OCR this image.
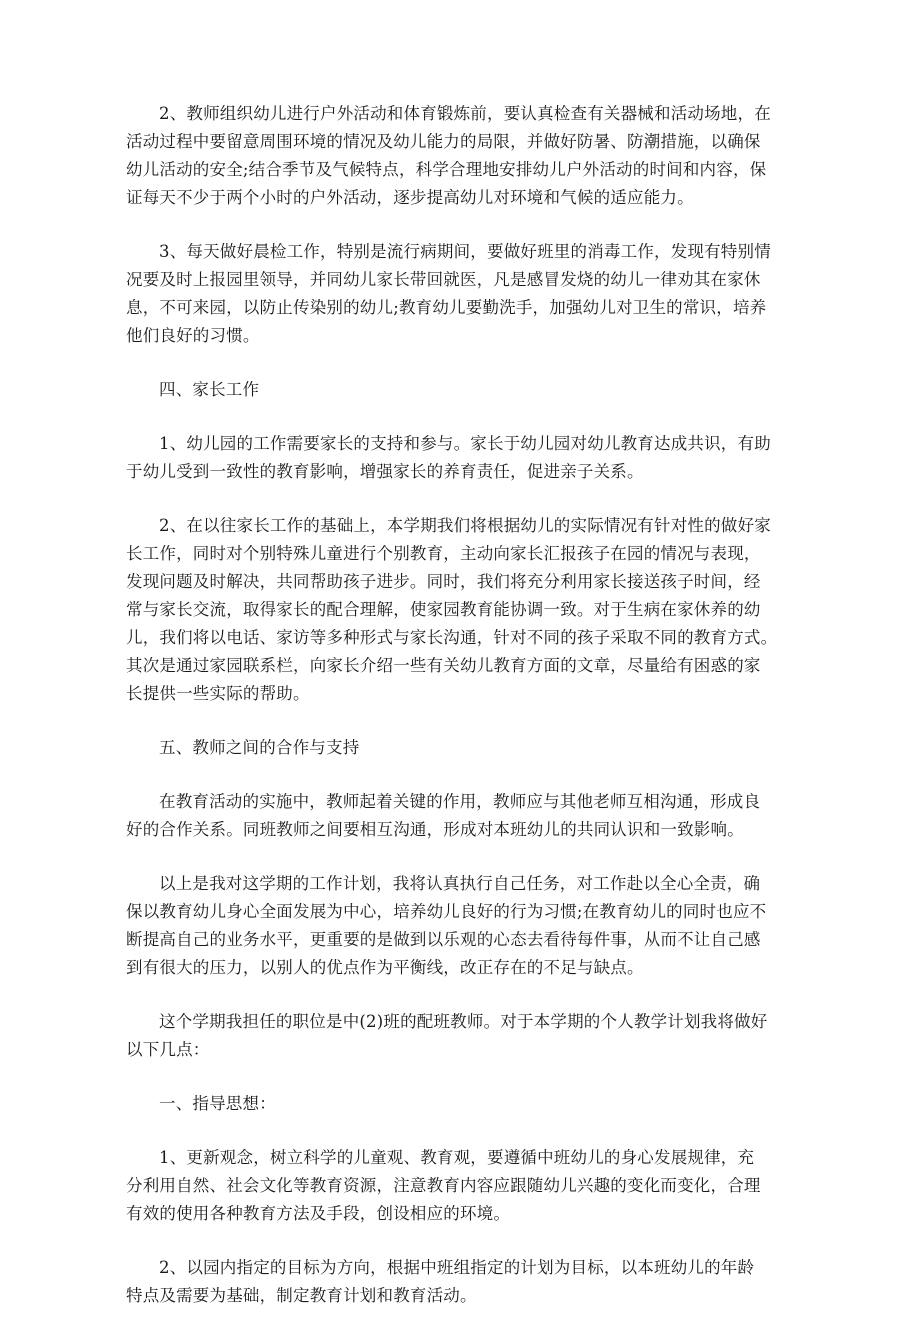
2、教师组织幼儿进行户外活动和体育锻炼前，要认真检查有关器械和活动场地，在
活动过程中要留意周围环境的情况及幼儿能力的局限，并做好防暑、防潮措施，以确保
幼儿活动的安全;结合季节及气候特点，科学合理地安排幼儿户外活动的时间和内容，保
证每天不少于两个小时的户外活动，逐步提高幼儿对环境和气候的适应能力。
3、每天做好晨检工作，特别是流行病期间，要做好班里的消毒工作，发现有特别情
况要及时上报园里领导，并同幼儿家长带回就医，凡是感冒发烧的幼儿一律劝其在家休
息，不可来园，以防止传染别的幼儿;教育幼儿要勤洗手，加强幼儿对卫生的常识，培养
他们良好的习惯。
四、家长工作
1、幼儿园的工作需要家长的支持和参与。家长于幼儿园对幼儿教育达成共识，有助
于幼儿受到一致性的教育影响，增强家长的养育责任，促进亲子关系。
2、在以往家长工作的基础上，本学期我们将根据幼儿的实际情况有针对性的做好家
长工作，同时对个别特殊儿童进行个别教育，主动向家长汇报孩子在园的情况与表现，
发现问题及时解决，共同帮助孩子进步。同时，我们将充分利用家长接送孩子时间，经
常与家长交流，取得家长的配合理解，使家园教育能协调一致。对于生病在家休养的幼
儿，我们将以电话、家访等多种形式与家长沟通，针对不同的孩子采取不同的教育方式。
其次是通过家园联系栏，向家长介绍一些有关幼儿教育方面的文章，尽量给有困惑的家
长提供一些实际的帮助。
五、教师之间的合作与支持
在教育活动的实施中，教师起着关键的作用，教师应与其他老师互相沟通，形成良
好的合作关系。同班教师之间要相互沟通，形成对本班幼儿的共同认识和一致影响。
以上是我对这学期的工作计划，我将认真执行自己任务，对工作赴以全心全责，确
保以教育幼儿身心全面发展为中心，培养幼儿良好的行为习惯;在教育幼儿的同时也应不
断提高自己的业务水平，更重要的是做到以乐观的心态去看待每件事，从而不让自己感
到有很大的压力，以别人的优点作为平衡线，改正存在的不足与缺点。
这个学期我担任的职位是中(2)班的配班教师。对于本学期的个人教学计划我将做好
以下几点：
一、指导思想：
1、更新观念，树立科学的儿童观、教育观，要遵循中班幼儿的身心发展规律，充
分利用自然、社会文化等教育资源，注意教育内容应跟随幼儿兴趣的变化而变化，合理
有效的使用各种教育方法及手段，创设相应的环境。
2、以园内指定的目标为方向，根据中班组指定的计划为目标，以本班幼儿的年龄
特点及需要为基础，制定教育计划和教育活动。
